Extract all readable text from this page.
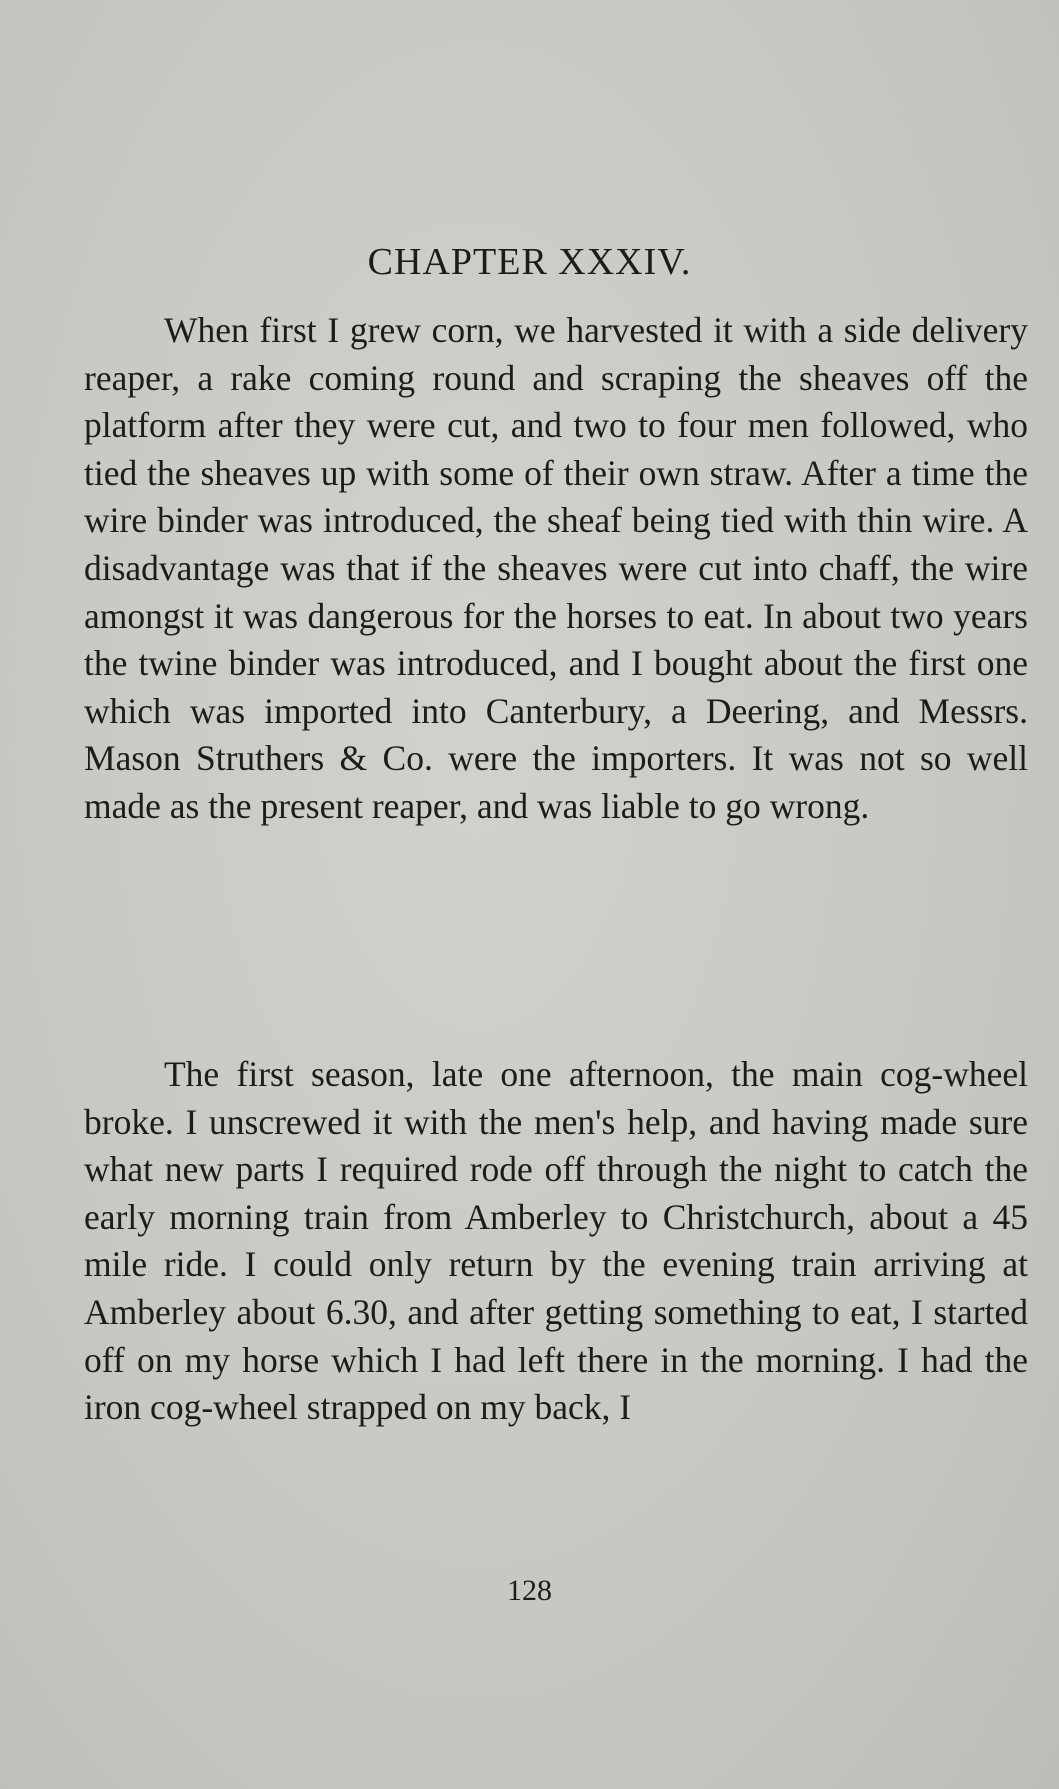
CHAPTER XXXIV.

When first I grew corn, we harvested it with a side delivery reaper, a rake coming round and scraping the sheaves off the platform after they were cut, and two to four men followed, who tied the sheaves up with some of their own straw. After a time the wire binder was introduced, the sheaf being tied with thin wire. A disadvantage was that if the sheaves were cut into chaff, the wire amongst it was dangerous for the horses to eat. In about two years the twine binder was introduced, and I bought about the first one which was imported into Canterbury, a Deering, and Messrs. Mason Struthers & Co. were the importers. It was not so well made as the present reaper, and was liable to go wrong.

The first season, late one afternoon, the main cog-wheel broke. I unscrewed it with the men's help, and having made sure what new parts I required rode off through the night to catch the early morning train from Amberley to Christchurch, about a 45 mile ride. I could only return by the evening train arriving at Amberley about 6.30, and after getting something to eat, I started off on my horse which I had left there in the morning. I had the iron cog-wheel strapped on my back, I

128
